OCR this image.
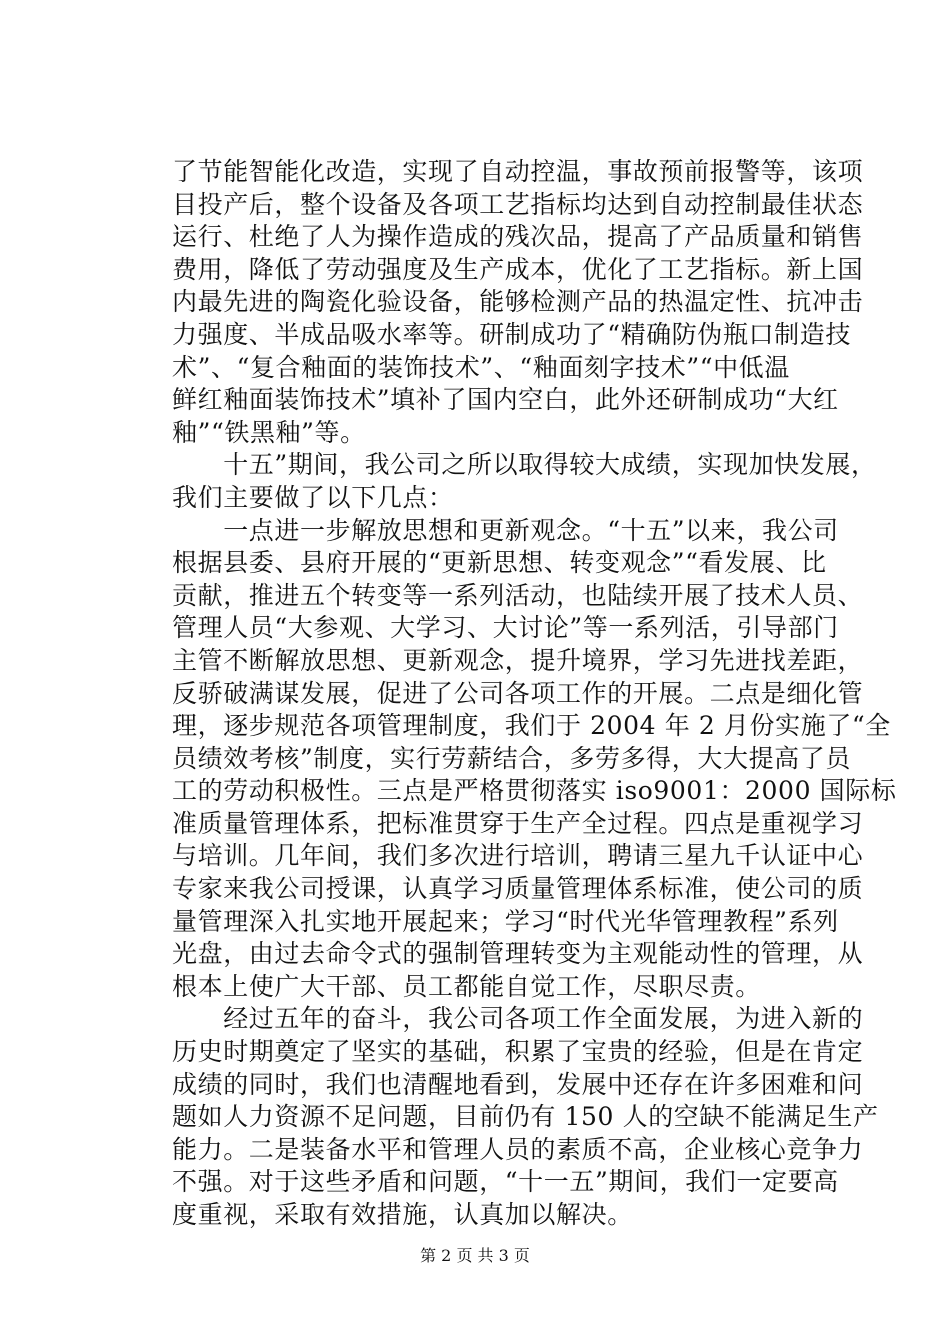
了节能智能化改造，实现了自动控温，事故预前报警等，该项
目投产后，整个设备及各项工艺指标均达到自动控制最佳状态
运行、杜绝了人为操作造成的残次品，提高了产品质量和销售
费用，降低了劳动强度及生产成本，优化了工艺指标。新上国
内最先进的陶瓷化验设备，能够检测产品的热温定性、抗冲击
力强度、半成品吸水率等。研制成功了“精确防伪瓶口制造技
术”、“复合釉面的装饰技术”、“釉面刻字技术”“中低温
鲜红釉面装饰技术”填补了国内空白，此外还研制成功“大红
釉”“铁黑釉”等。
　　十五”期间，我公司之所以取得较大成绩，实现加快发展，
我们主要做了以下几点：
　　一点进一步解放思想和更新观念。“十五”以来，我公司
根据县委、县府开展的“更新思想、转变观念”“看发展、比
贡献，推进五个转变等一系列活动，也陆续开展了技术人员、
管理人员“大参观、大学习、大讨论”等一系列活，引导部门
主管不断解放思想、更新观念，提升境界，学习先进找差距，
反骄破满谋发展，促进了公司各项工作的开展。二点是细化管
理，逐步规范各项管理制度，我们于 2004 年 2 月份实施了“全
员绩效考核”制度，实行劳薪结合，多劳多得，大大提高了员
工的劳动积极性。三点是严格贯彻落实 iso9001：2000 国际标
准质量管理体系，把标准贯穿于生产全过程。四点是重视学习
与培训。几年间，我们多次进行培训，聘请三星九千认证中心
专家来我公司授课，认真学习质量管理体系标准，使公司的质
量管理深入扎实地开展起来；学习“时代光华管理教程”系列
光盘，由过去命令式的强制管理转变为主观能动性的管理，从
根本上使广大干部、员工都能自觉工作，尽职尽责。
　　经过五年的奋斗，我公司各项工作全面发展，为进入新的
历史时期奠定了坚实的基础，积累了宝贵的经验，但是在肯定
成绩的同时，我们也清醒地看到，发展中还存在许多困难和问
题如人力资源不足问题，目前仍有 150 人的空缺不能满足生产
能力。二是装备水平和管理人员的素质不高，企业核心竞争力
不强。对于这些矛盾和问题，“十一五”期间，我们一定要高
度重视，采取有效措施，认真加以解决。
第 2 页 共 3 页
